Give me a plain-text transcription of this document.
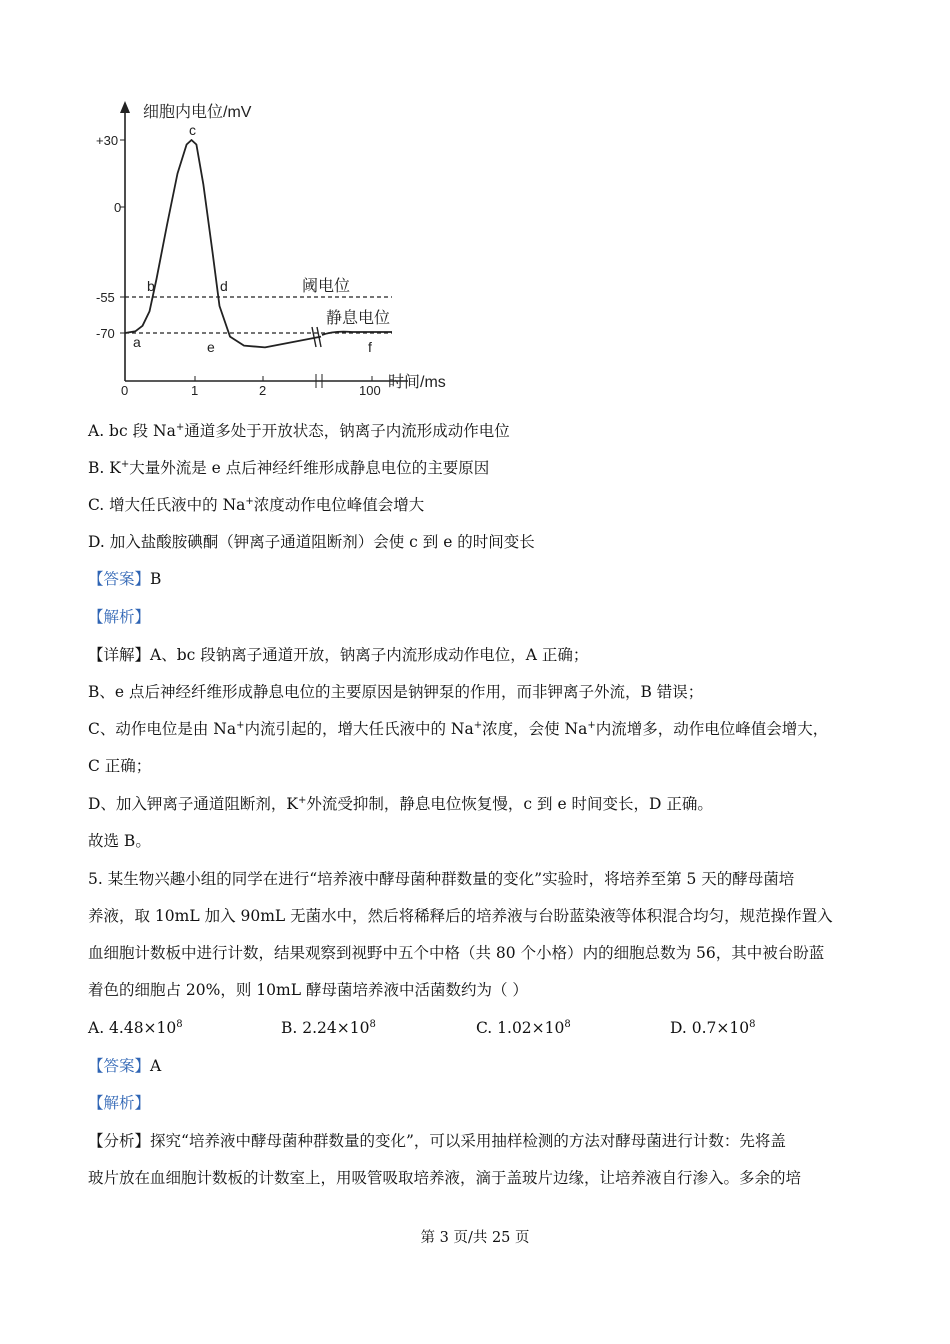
细胞内电位/mV
时间/ms
+30
0
-55
-70
0	1	2	100
阈电位
静息电位
a
b
c
d
e	f
A. bc 段 Na+通道多处于开放状态，钠离子内流形成动作电位
B. K+大量外流是 e 点后神经纤维形成静息电位的主要原因
C. 增大任氏液中的 Na+浓度动作电位峰值会增大
D. 加入盐酸胺碘酮（钾离子通道阻断剂）会使 c 到 e 的时间变长
【答案】B
【解析】
【详解】A、bc 段钠离子通道开放，钠离子内流形成动作电位，A 正确；
B、e 点后神经纤维形成静息电位的主要原因是钠钾泵的作用，而非钾离子外流，B 错误；
C、动作电位是由 Na+内流引起的，增大任氏液中的 Na+浓度，会使 Na+内流增多，动作电位峰值会增大，
C 正确；
D、加入钾离子通道阻断剂，K+外流受抑制，静息电位恢复慢，c 到 e 时间变长，D 正确。
故选 B。
5. 某生物兴趣小组的同学在进行“培养液中酵母菌种群数量的变化”实验时，将培养至第 5 天的酵母菌培
养液，取 10mL 加入 90mL 无菌水中，然后将稀释后的培养液与台盼蓝染液等体积混合均匀，规范操作置入
血细胞计数板中进行计数，结果观察到视野中五个中格（共 80 个小格）内的细胞总数为 56，其中被台盼蓝
着色的细胞占 20%，则 10mL 酵母菌培养液中活菌数约为（ ）
A. $4.48\times 10^8$	B. $2.24\times 10^8$	C. $1.02\times 10^8$	D. $0.7\times 10^8$
【答案】A
【解析】
【分析】探究“培养液中酵母菌种群数量的变化”，可以采用抽样检测的方法对酵母菌进行计数：先将盖
玻片放在血细胞计数板的计数室上，用吸管吸取培养液，滴于盖玻片边缘，让培养液自行渗入。多余的培
第 3 页/共 25 页
